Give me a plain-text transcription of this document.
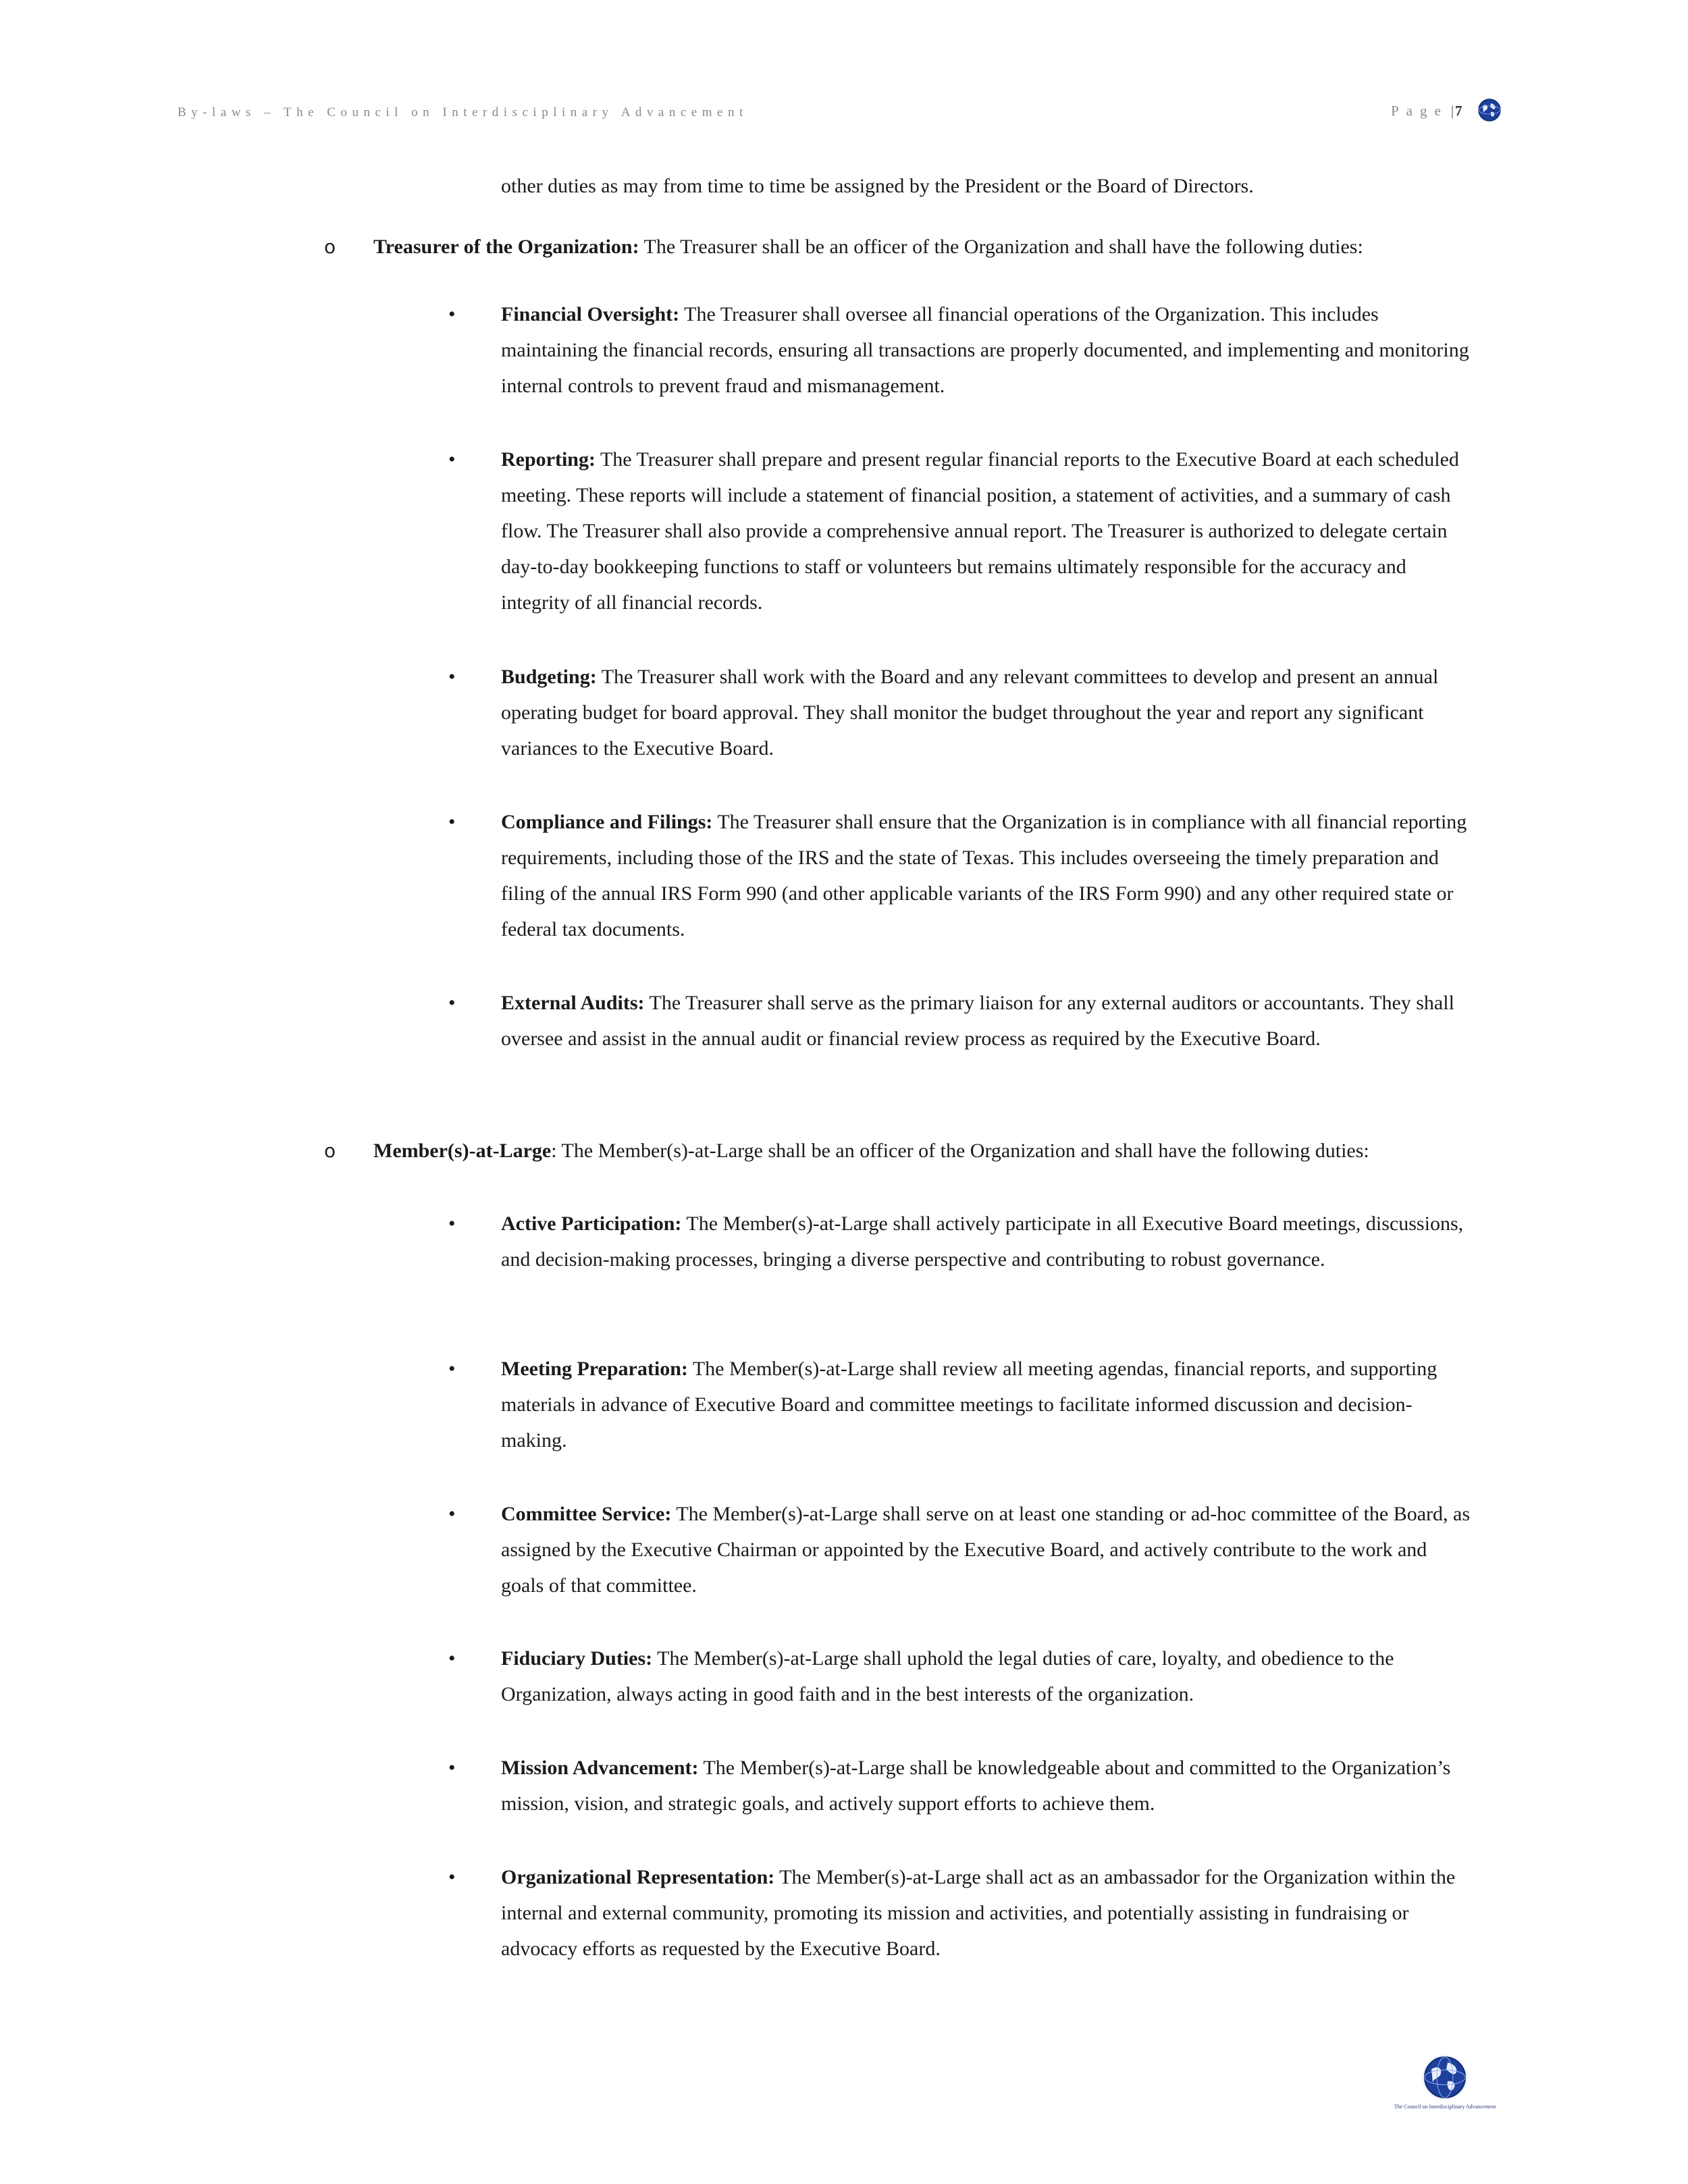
By-laws – The Council on Interdisciplinary Advancement	Page |7
other duties as may from time to time be assigned by the President or the Board of Directors.
o Treasurer of the Organization: The Treasurer shall be an officer of the Organization and shall have the following duties:
• Financial Oversight: The Treasurer shall oversee all financial operations of the Organization. This includes maintaining the financial records, ensuring all transactions are properly documented, and implementing and monitoring internal controls to prevent fraud and mismanagement.
• Reporting: The Treasurer shall prepare and present regular financial reports to the Executive Board at each scheduled meeting. These reports will include a statement of financial position, a statement of activities, and a summary of cash flow. The Treasurer shall also provide a comprehensive annual report. The Treasurer is authorized to delegate certain day-to-day bookkeeping functions to staff or volunteers but remains ultimately responsible for the accuracy and integrity of all financial records.
• Budgeting: The Treasurer shall work with the Board and any relevant committees to develop and present an annual operating budget for board approval. They shall monitor the budget throughout the year and report any significant variances to the Executive Board.
• Compliance and Filings: The Treasurer shall ensure that the Organization is in compliance with all financial reporting requirements, including those of the IRS and the state of Texas. This includes overseeing the timely preparation and filing of the annual IRS Form 990 (and other applicable variants of the IRS Form 990) and any other required state or federal tax documents.
• External Audits: The Treasurer shall serve as the primary liaison for any external auditors or accountants. They shall oversee and assist in the annual audit or financial review process as required by the Executive Board.
o Member(s)-at-Large: The Member(s)-at-Large shall be an officer of the Organization and shall have the following duties:
• Active Participation: The Member(s)-at-Large shall actively participate in all Executive Board meetings, discussions, and decision-making processes, bringing a diverse perspective and contributing to robust governance.
• Meeting Preparation: The Member(s)-at-Large shall review all meeting agendas, financial reports, and supporting materials in advance of Executive Board and committee meetings to facilitate informed discussion and decision-making.
• Committee Service: The Member(s)-at-Large shall serve on at least one standing or ad-hoc committee of the Board, as assigned by the Executive Chairman or appointed by the Executive Board, and actively contribute to the work and goals of that committee.
• Fiduciary Duties: The Member(s)-at-Large shall uphold the legal duties of care, loyalty, and obedience to the Organization, always acting in good faith and in the best interests of the organization.
• Mission Advancement: The Member(s)-at-Large shall be knowledgeable about and committed to the Organization’s mission, vision, and strategic goals, and actively support efforts to achieve them.
• Organizational Representation: The Member(s)-at-Large shall act as an ambassador for the Organization within the internal and external community, promoting its mission and activities, and potentially assisting in fundraising or advocacy efforts as requested by the Executive Board.
The Council on Interdisciplinary Advancement
